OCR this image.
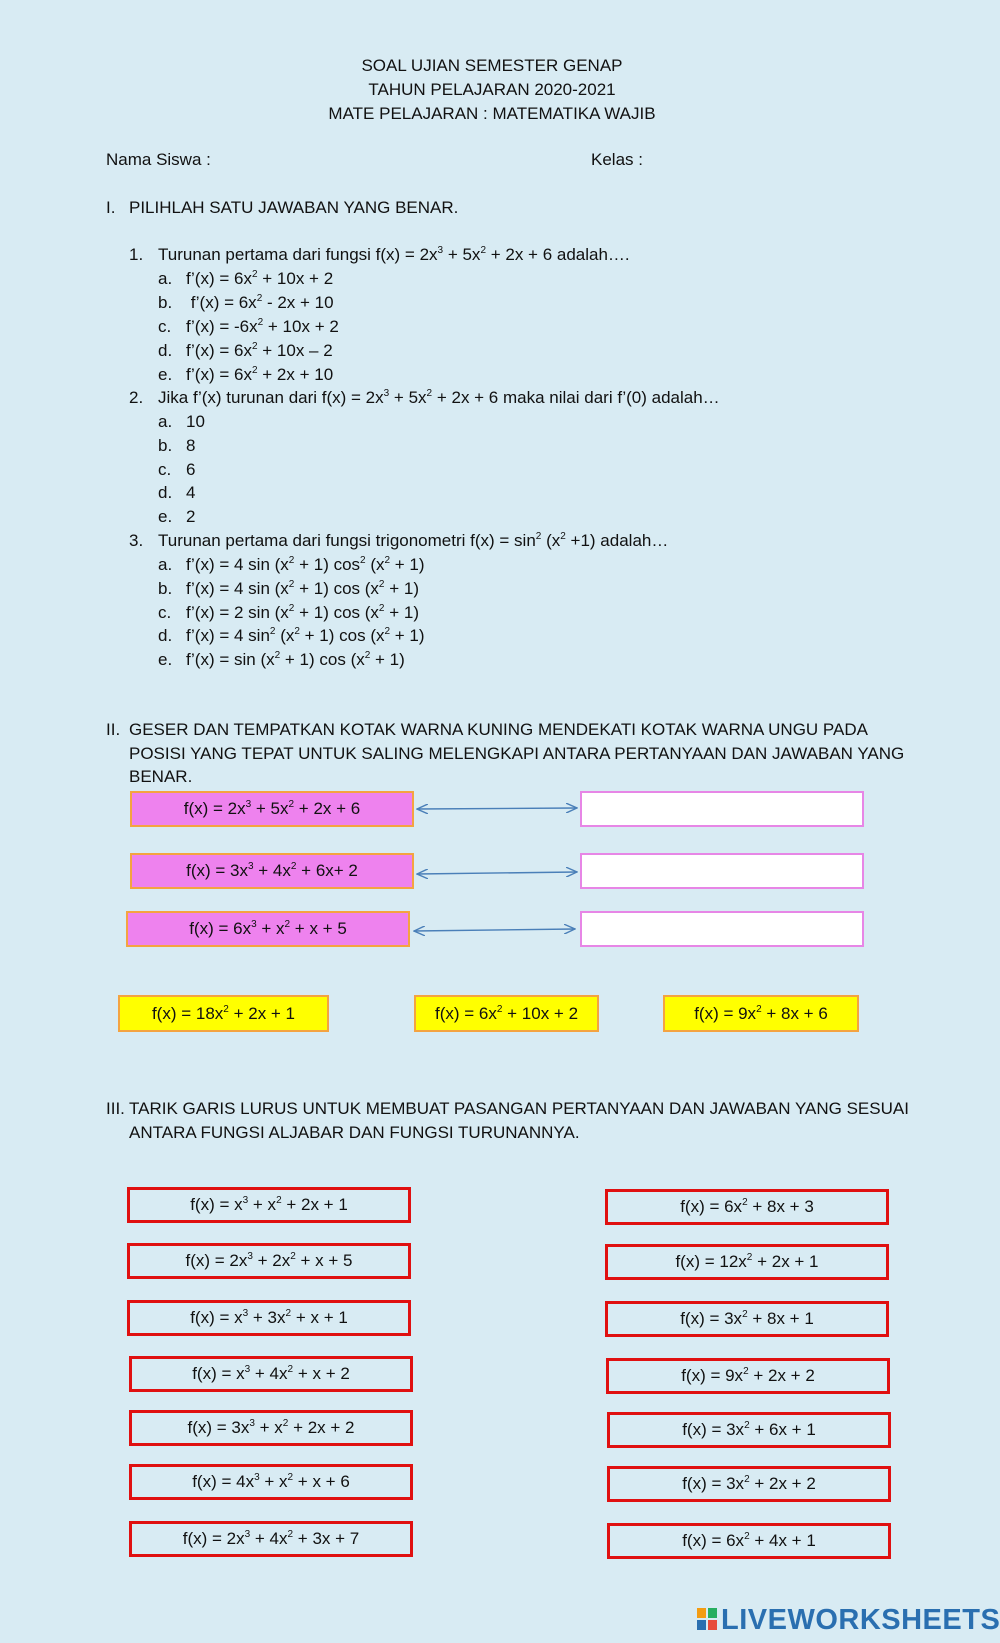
SOAL UJIAN SEMESTER GENAP
TAHUN PELAJARAN 2020-2021
MATE PELAJARAN : MATEMATIKA WAJIB
Nama Siswa :	Kelas :
I. PILIHLAH SATU JAWABAN YANG BENAR.
1. Turunan pertama dari fungsi $f(x) = 2x^3 + 5x^2 + 2x + 6$ adalah….
a. f’(x) = $6x^2 + 10x + 2$
b. f’(x) = $6x^2 - 2x + 10$
c. f’(x) = $-6x^2 + 10x + 2$
d. f’(x) = $6x^2 + 10x - 2$
e. f’(x) = $6x^2 + 2x + 10$
2. Jika f’(x) turunan dari $f(x) = 2x^3 + 5x^2 + 2x + 6$ maka nilai dari f’(0) adalah…
a. 10
b. 8
c. 6
d. 4
e. 2
3. Turunan pertama dari fungsi trigonometri $f(x) = \sin^2 (x^2 +1)$ adalah…
a. f’(x) = 4 $\sin (x^2 + 1)$ $\cos^2 (x^2 + 1)$
b. f’(x) = 4 $\sin (x^2 + 1)$ $\cos (x^2 + 1)$
c. f’(x) = 2 $\sin (x^2 + 1)$ $\cos (x^2 + 1)$
d. f’(x) = 4 $\sin^2 (x^2 + 1)$ $\cos (x^2 + 1)$
e. f’(x) = $\sin (x^2 + 1)$ $\cos (x^2 + 1)$
II. GESER DAN TEMPATKAN KOTAK WARNA KUNING MENDEKATI KOTAK WARNA UNGU PADA POSISI YANG TEPAT UNTUK SALING MELENGKAPI ANTARA PERTANYAAN DAN JAWABAN YANG BENAR.
$f(x) = 2x^3 + 5x^2 + 2x + 6$
$f(x) = 3x^3 + 4x^2 + 6x+ 2$
$f(x) = 6x^3 + x^2 + x + 5$
$f(x) = 18x^2 + 2x + 1$	$f(x) = 6x^2 + 10x + 2$	$f(x) = 9x^2 + 8x + 6$
III. TARIK GARIS LURUS UNTUK MEMBUAT PASANGAN PERTANYAAN DAN JAWABAN YANG SESUAI ANTARA FUNGSI ALJABAR DAN FUNGSI TURUNANNYA.
$f(x) = x^3 + x^2 + 2x + 1$
$f(x) = 2x^3 + 2x^2 + x + 5$
$f(x) = x^3 + 3x^2 + x + 1$
$f(x) = x^3 + 4x^2 + x + 2$
$f(x) = 3x^3 + x^2 + 2x + 2$
$f(x) = 4x^3 + x^2 + x + 6$
$f(x) = 2x^3 + 4x^2 + 3x + 7$
$f(x) = 6x^2 + 8x + 3$
$f(x) = 12x^2 + 2x + 1$
$f(x) = 3x^2 + 8x + 1$
$f(x) = 9x^2 + 2x + 2$
$f(x) = 3x^2 + 6x + 1$
$f(x) = 3x^2 + 2x + 2$
$f(x) = 6x^2 + 4x + 1$
LIVEWORKSHEETS
